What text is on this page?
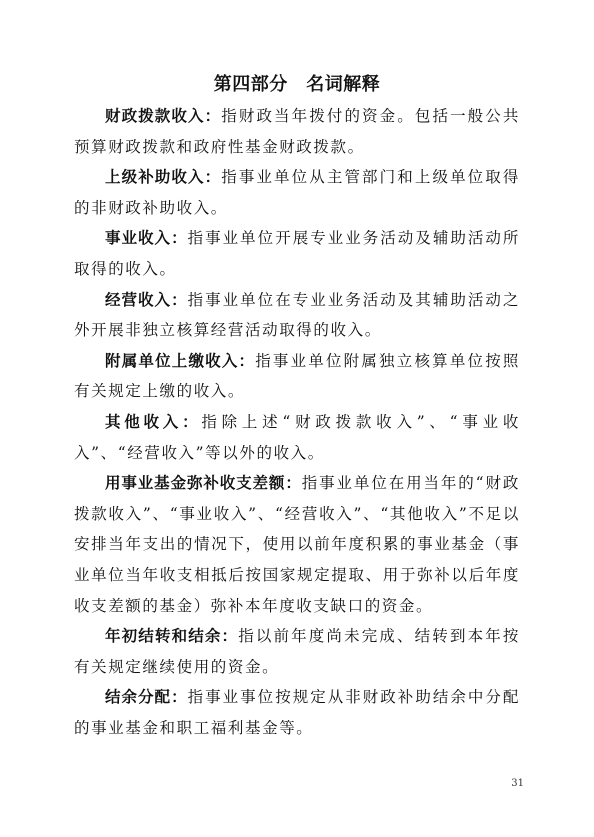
第四部分　名词解释

财政拨款收入：指财政当年拨付的资金。包括一般公共预算财政拨款和政府性基金财政拨款。

上级补助收入：指事业单位从主管部门和上级单位取得的非财政补助收入。

事业收入：指事业单位开展专业业务活动及辅助活动所取得的收入。

经营收入：指事业单位在专业业务活动及其辅助活动之外开展非独立核算经营活动取得的收入。

附属单位上缴收入：指事业单位附属独立核算单位按照有关规定上缴的收入。

其他收入：指除上述“财政拨款收入”、“事业收入”、“经营收入”等以外的收入。

用事业基金弥补收支差额：指事业单位在用当年的“财政拨款收入”、“事业收入”、“经营收入”、“其他收入”不足以安排当年支出的情况下，使用以前年度积累的事业基金（事业单位当年收支相抵后按国家规定提取、用于弥补以后年度收支差额的基金）弥补本年度收支缺口的资金。

年初结转和结余：指以前年度尚未完成、结转到本年按有关规定继续使用的资金。

结余分配：指事业事位按规定从非财政补助结余中分配的事业基金和职工福利基金等。

31
